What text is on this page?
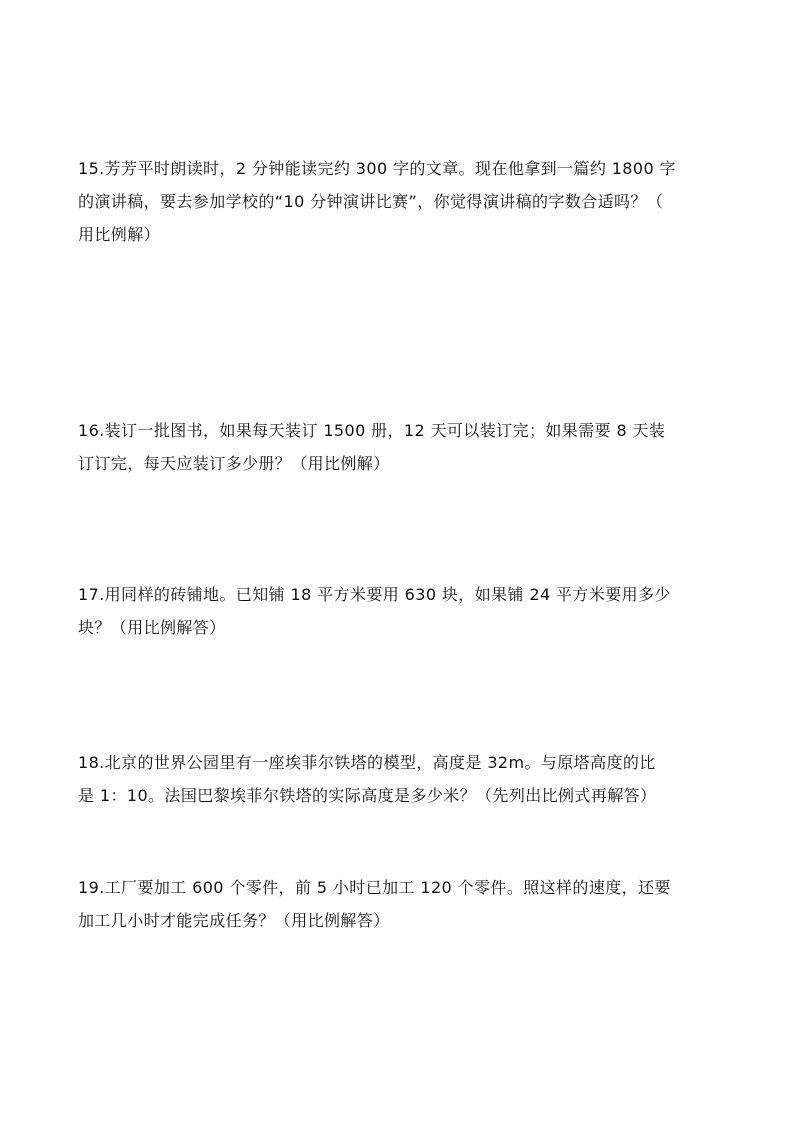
15.芳芳平时朗读时，2 分钟能读完约 300 字的文章。现在他拿到一篇约 1800 字
的演讲稿，要去参加学校的“10 分钟演讲比赛”，你觉得演讲稿的字数合适吗？（
用比例解）
16.装订一批图书，如果每天装订 1500 册，12 天可以装订完；如果需要 8 天装
订订完，每天应装订多少册？（用比例解）
17.用同样的砖铺地。已知铺 18 平方米要用 630 块，如果铺 24 平方米要用多少
块？（用比例解答）
18.北京的世界公园里有一座埃菲尔铁塔的模型，高度是 32m。与原塔高度的比
是 1：10。法国巴黎埃菲尔铁塔的实际高度是多少米？（先列出比例式再解答）
19.工厂要加工 600 个零件，前 5 小时已加工 120 个零件。照这样的速度，还要
加工几小时才能完成任务？（用比例解答）
